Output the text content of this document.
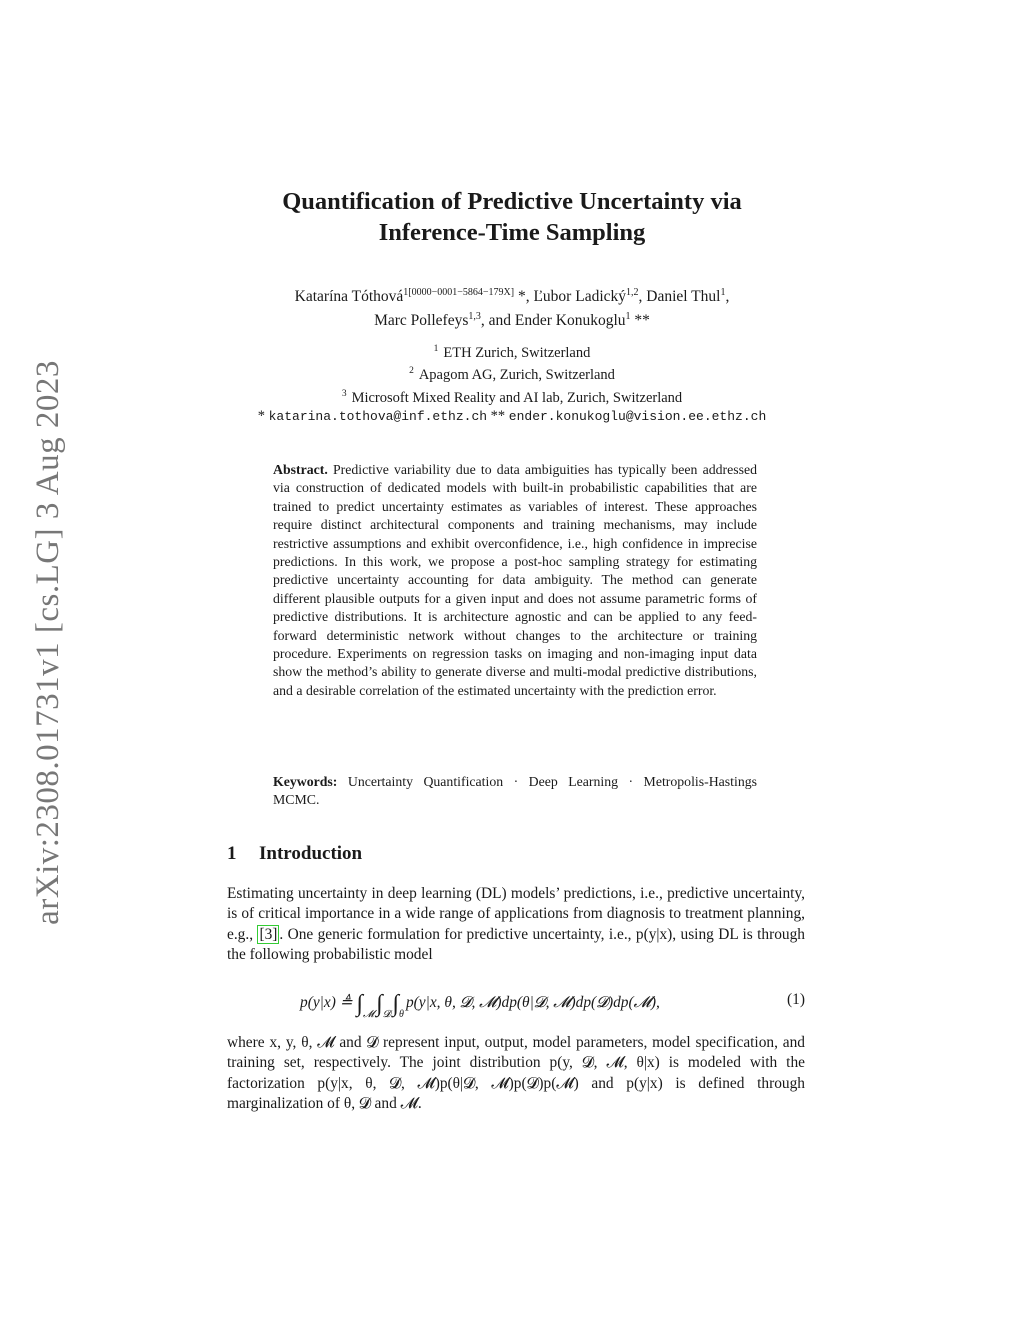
arXiv:2308.01731v1 [cs.LG] 3 Aug 2023
Quantification of Predictive Uncertainty via
Inference-Time Sampling
Katarína Tóthová$^{1[0000-0001-5864-179X]}$ *, Ľubor Ladický$^{1,2}$, Daniel Thul$^1$,
Marc Pollefeys$^{1,3}$, and Ender Konukoglu$^1$ **
$^1$ ETH Zurich, Switzerland
$^2$ Apagom AG, Zurich, Switzerland
$^3$ Microsoft Mixed Reality and AI lab, Zurich, Switzerland
* katarina.tothova@inf.ethz.ch ** ender.konukoglu@vision.ee.ethz.ch
Abstract. Predictive variability due to data ambiguities has typically been addressed via construction of dedicated models with built-in probabilistic capabilities that are trained to predict uncertainty estimates as variables of interest. These approaches require distinct architectural components and training mechanisms, may include restrictive assumptions and exhibit overconfidence, i.e., high confidence in imprecise predictions. In this work, we propose a post-hoc sampling strategy for estimating predictive uncertainty accounting for data ambiguity. The method can generate different plausible outputs for a given input and does not assume parametric forms of predictive distributions. It is architecture agnostic and can be applied to any feed-forward deterministic network without changes to the architecture or training procedure. Experiments on regression tasks on imaging and non-imaging input data show the method’s ability to generate diverse and multi-modal predictive distributions, and a desirable correlation of the estimated uncertainty with the prediction error.
Keywords: Uncertainty Quantification · Deep Learning · Metropolis-Hastings MCMC.
1 Introduction
Estimating uncertainty in deep learning (DL) models’ predictions, i.e., predictive uncertainty, is of critical importance in a wide range of applications from diagnosis to treatment planning, e.g., [3] . One generic formulation for predictive uncertainty, i.e., p(y|x), using DL is through the following probabilistic model
p(y|x) ≜ $\int_𝓜\int_𝓓\int_\theta p(y|x$, θ, 𝓓, 𝓜)dp(θ|𝓓, 𝓜)dp(𝓓)dp(𝓜),	(1)
where x, y, θ, 𝓜 and 𝓓 represent input, output, model parameters, model specification, and training set, respectively. The joint distribution p(y, 𝓓, 𝓜, θ|x) is modeled with the factorization p(y|x, θ, 𝓓, 𝓜)p(θ|𝓓, 𝓜)p(𝓓)p(𝓜) and p(y|x) is defined through marginalization of θ, 𝓓 and 𝓜.
